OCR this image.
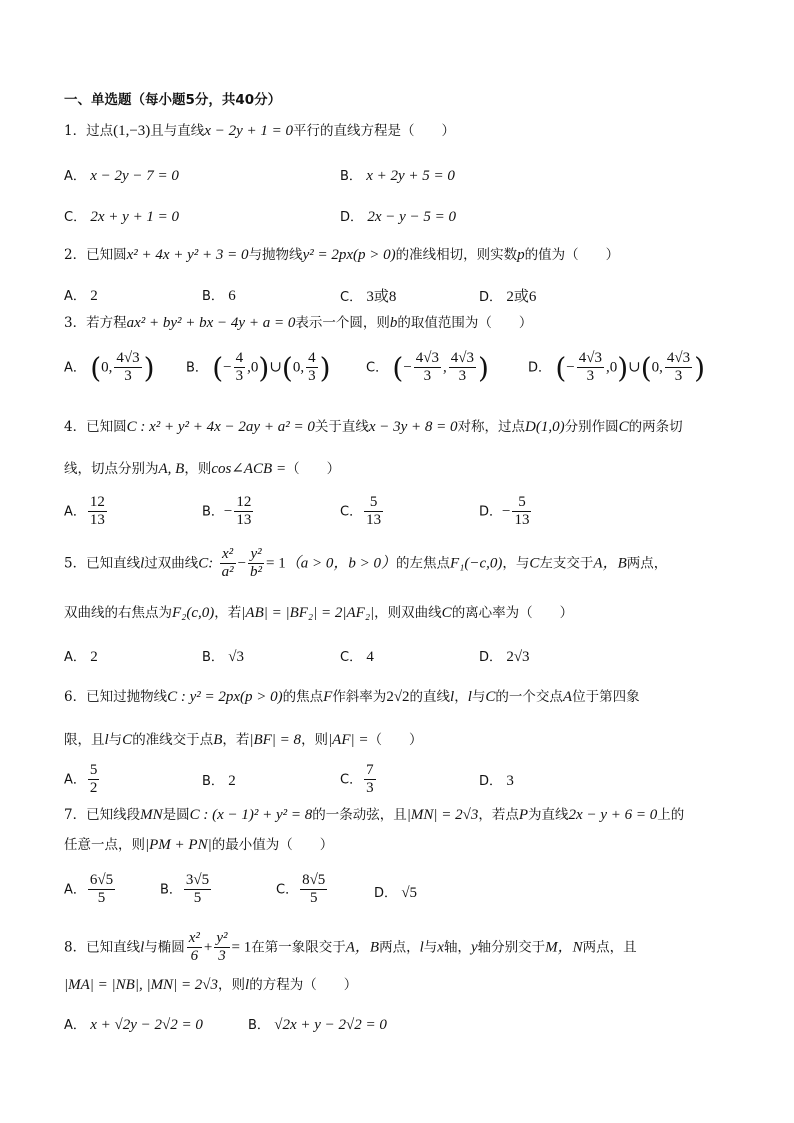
一、单选题（每小题5分，共40分）
1．过点(1,−3)且与直线x − 2y + 1 = 0平行的直线方程是（　　）
A． x − 2y − 7 = 0	B． x + 2y + 5 = 0
C． 2x + y + 1 = 0	D． 2x − y − 5 = 0
2．已知圆x² + 4x + y² + 3 = 0与抛物线y² = 2px(p > 0)的准线相切，则实数p的值为（　　）
A． 2	B． 6	C． 3或8	D． 2或6
3．若方程ax² + by² + bx − 4y + a = 0表示一个圆，则b的取值范围为（　　）
A． (0, $\frac{4√3}{3}$ ) B． (− $\frac{4}{3}$ ,0)∪(0, $\frac{4}{3}$ )	C． (− $\frac{4√3}{3}$ , $\frac{4√3}{3}$ )	D． (− $\frac{4√3}{3}$ ,0)∪(0, $\frac{4√3}{3}$ )
4．已知圆C : x² + y² + 4x − 2ay + a² = 0关于直线x − 3y + 8 = 0对称，过点D(1,0)分别作圆C的两条切
线，切点分别为A, B，则cos∠ACB =（　　）
A． $\frac{12}{13}$	B．− $\frac{12}{13}$	C． $\frac{5}{13}$	D．− $\frac{5}{13}$
5．已知直线l过双曲线C: $\frac{\text{x²}}{\text{a²}} - \frac{\text{y²}}{\text{b²}} = 1(a > 0$，b > 0）的左焦点F₁(−c,0)，与C左支交于A，B两点，
双曲线的右焦点为F₂(c,0)，若|AB| = |BF₂| = 2|AF₂|，则双曲线C的离心率为（　　）
A． 2	B． √3	C． 4	D． 2√3
6．已知过抛物线C : y² = 2px(p > 0)的焦点F作斜率为2√2的直线l，l与C的一个交点A位于第四象
限，且l与C的准线交于点B，若|BF| = 8，则|AF| =（　　）
A． $\frac{5}{2}$	B． 2	C． $\frac{7}{3}$	D． 3
7．已知线段MN是圆C : (x − 1)² + y² = 8的一条动弦，且|MN| = 2√3，若点P为直线2x − y + 6 = 0上的
任意一点，则|PM + PN|的最小值为（　　）
A． $\frac{6√5}{5}$	B． $\frac{3√5}{5}$	C． $\frac{8√5}{5}$	D． √5
8．已知直线l与椭圆 $\frac{\text{x²}}{6} + \frac{\text{y²}}{3} = 1$在第一象限交于A，B两点，l与x轴，y轴分别交于M，N两点，且
|MA| = |NB|, |MN| = 2√3，则l的方程为（　　）
A． x + √2y − 2√2 = 0	B． √2x + y − 2√2 = 0
